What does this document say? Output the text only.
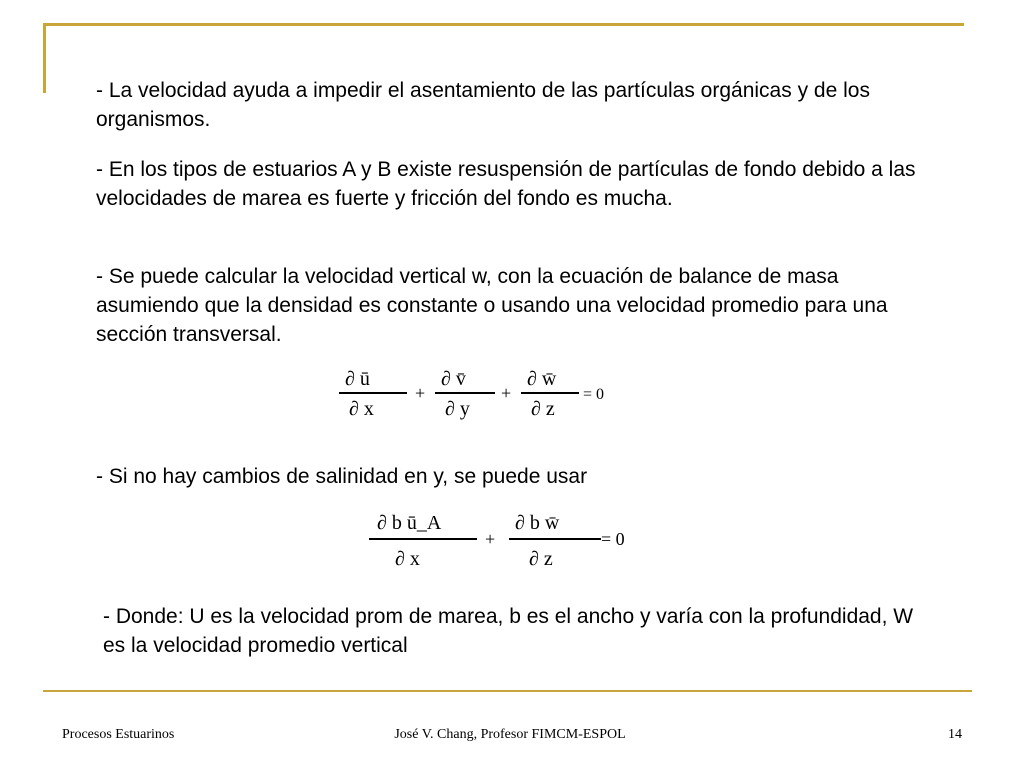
- La velocidad ayuda a impedir el asentamiento de las partículas orgánicas y de los organismos.

- En los tipos de estuarios A y B existe resuspensión de partículas de fondo debido a las velocidades de marea es fuerte y fricción del fondo es mucha.

- Se puede calcular la velocidad vertical w, con la ecuación de balance de masa asumiendo que la densidad es constante o usando una velocidad promedio para una sección transversal.

∂ ū
∂ x
+
∂ v̄
∂ y
+
∂ w̄
∂ z
= 0

- Si no hay cambios de salinidad en y, se puede usar

∂ b ū_A
∂ x
+
∂ b w̄
∂ z
= 0

- Donde: U es la velocidad prom de marea, b es el ancho y varía con la profundidad, W es la velocidad promedio vertical

Procesos Estuarinos	José V. Chang, Profesor FIMCM-ESPOL	14
